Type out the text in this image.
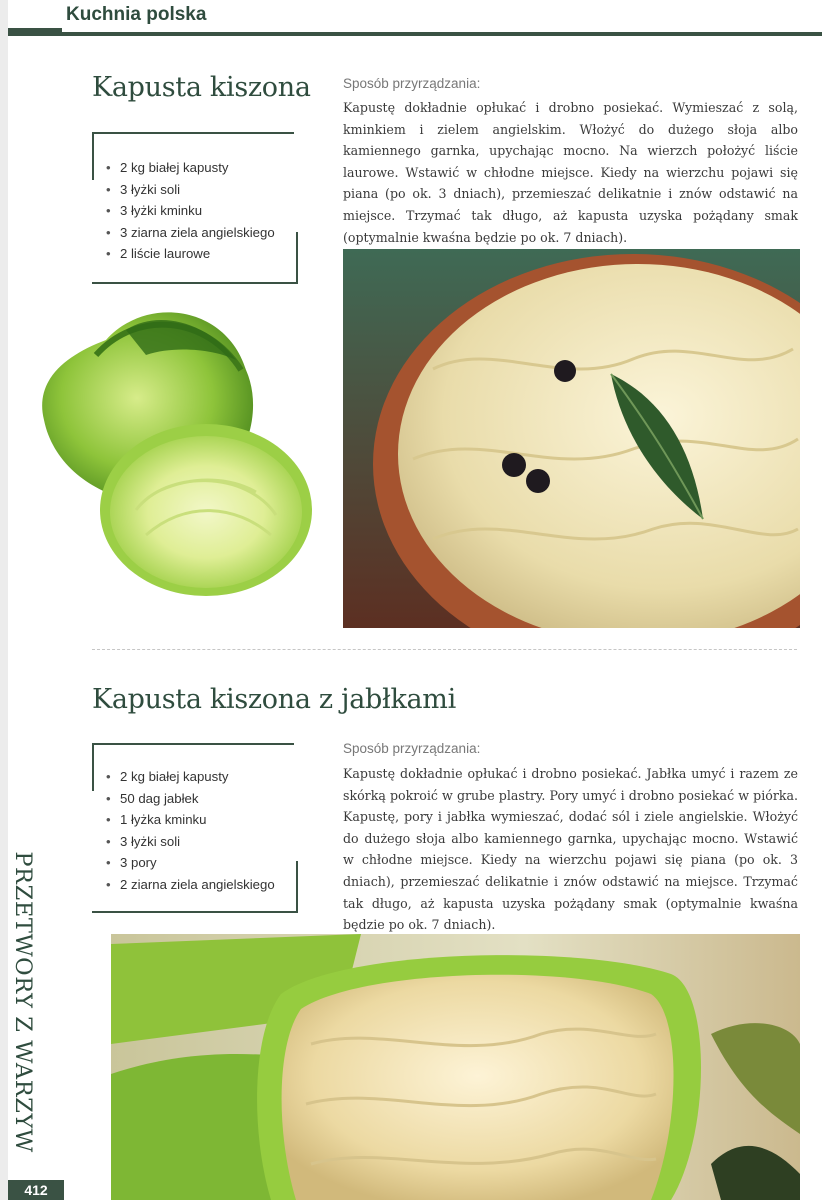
Kuchnia polska
Kapusta kiszona
• 2 kg białej kapusty
• 3 łyżki soli
• 3 łyżki kminku
• 3 ziarna ziela angielskiego
• 2 liście laurowe
Sposób przyrządzania:

Kapustę dokładnie opłukać i drobno posiekać. Wymieszać z solą, kminkiem i zielem angielskim. Włożyć do dużego słoja albo kamiennego garnka, upychając mocno. Na wierzch położyć liście laurowe. Wstawić w chłodne miejsce. Kiedy na wierzchu pojawi się piana (po ok. 3 dniach), przemieszać delikatnie i znów odstawić na miejsce. Trzymać tak długo, aż kapusta uzyska pożądany smak (optymalnie kwaśna będzie po ok. 7 dniach).

Kapusta kiszona z jabłkami
• 2 kg białej kapusty
• 50 dag jabłek
• 1 łyżka kminku
• 3 łyżki soli
• 3 pory
• 2 ziarna ziela angielskiego
Sposób przyrządzania:

Kapustę dokładnie opłukać i drobno posiekać. Jabłka umyć i razem ze skórką pokroić w grube plastry. Pory umyć i drobno posiekać w piórka. Kapustę, pory i jabłka wymieszać, dodać sól i ziele angielskie. Włożyć do dużego słoja albo kamiennego garnka, upychając mocno. Wstawić w chłodne miejsce. Kiedy na wierzchu pojawi się piana (po ok. 3 dniach), przemieszać delikatnie i znów odstawić na miejsce. Trzymać tak długo, aż kapusta uzyska pożądany smak (optymalnie kwaśna będzie po ok. 7 dniach).

PRZETWORY Z WARZYW
412
